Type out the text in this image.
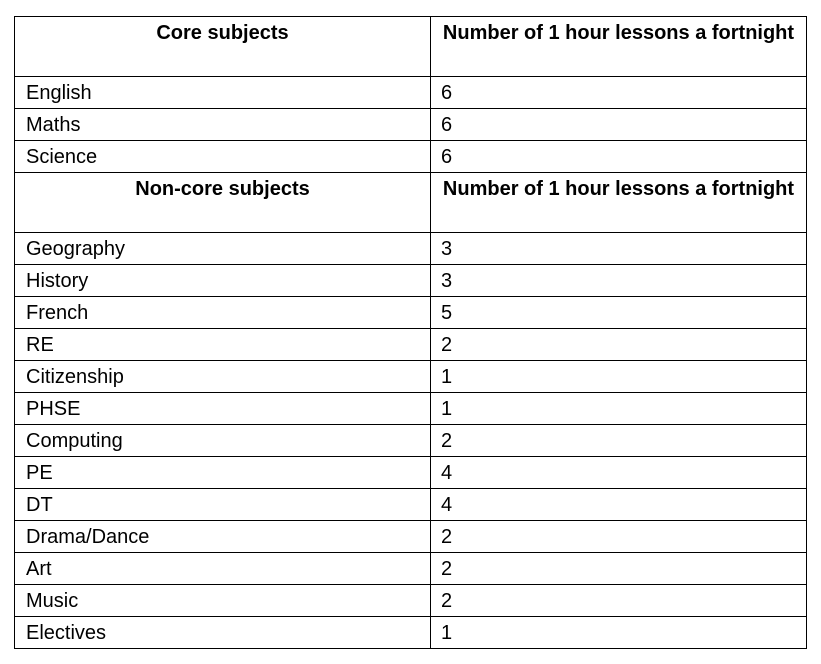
Core subjects	Number of 1 hour lessons a fortnight
English	6
Maths	6
Science	6
Non-core subjects	Number of 1 hour lessons a fortnight
Geography	3
History	3
French	5
RE	2
Citizenship	1
PHSE	1
Computing	2
PE	4
DT	4
Drama/Dance	2
Art	2
Music	2
Electives	1
